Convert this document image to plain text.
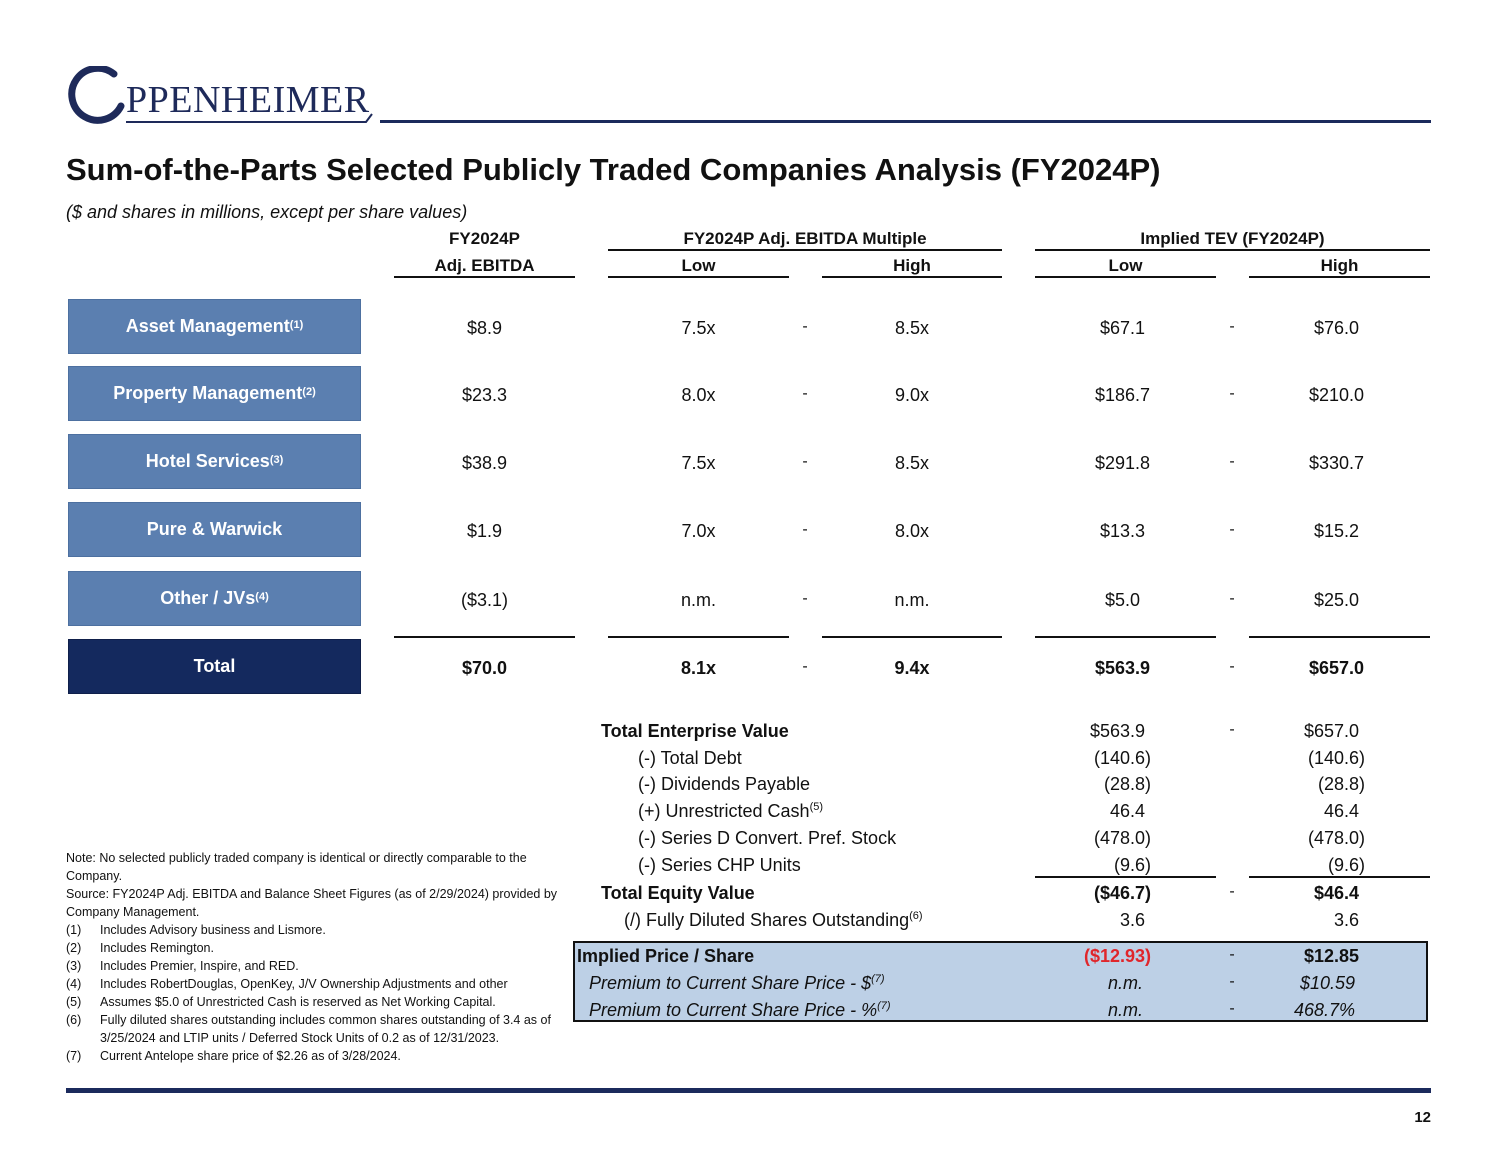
PPENHEIMER
Sum-of-the-Parts Selected Publicly Traded Companies Analysis (FY2024P)
($ and shares in millions, except per share values)
FY2024P
Adj. EBITDA
FY2024P Adj. EBITDA Multiple
Low	High
Implied TEV (FY2024P)
Low	High
Asset Management$^{(1)}$	$8.9	7.5x	-	8.5x	$67.1	-	$76.0
Property Management$^{(2)}$	$23.3	8.0x	-	9.0x	$186.7	-	$210.0
Hotel Services$^{(3)}$	$38.9	7.5x	-	8.5x	$291.8	-	$330.7
Pure & Warwick	$1.9	7.0x	-	8.0x	$13.3	-	$15.2
Other / JVs$^{(4)}$	($3.1)	n.m.	-	n.m.	$5.0	-	$25.0
Total	$70.0	8.1x	-	9.4x	$563.9	-	$657.0
Total Enterprise Value	$563.9	-	$657.0
(-) Total Debt	(140.6)	(140.6)
(-) Dividends Payable	(28.8)	(28.8)
(+) Unrestricted Cash$^{(5)}$	46.4	46.4
(-) Series D Convert. Pref. Stock	(478.0)	(478.0)
(-) Series CHP Units	(9.6)	(9.6)
Total Equity Value	($46.7)	-	$46.4
(/) Fully Diluted Shares Outstanding$^{(6)}$	3.6	3.6
Implied Price / Share	($12.93)	-	$12.85
Premium to Current Share Price - \$$^{(7)}$	n.m.	-	$10.59
Premium to Current Share Price - %$^{(7)}$	n.m.	-	468.7%
Note: No selected publicly traded company is identical or directly comparable to the Company.
Source: FY2024P Adj. EBITDA and Balance Sheet Figures (as of 2/29/2024) provided by Company Management.
(1)	Includes Advisory business and Lismore.
(2)	Includes Remington.
(3)	Includes Premier, Inspire, and RED.
(4)	Includes RobertDouglas, OpenKey, J/V Ownership Adjustments and other
(5)	Assumes $5.0 of Unrestricted Cash is reserved as Net Working Capital.
(6)	Fully diluted shares outstanding includes common shares outstanding of 3.4 as of 3/25/2024 and LTIP units / Deferred Stock Units of 0.2 as of 12/31/2023.
(7)	Current Antelope share price of $2.26 as of 3/28/2024.
12
